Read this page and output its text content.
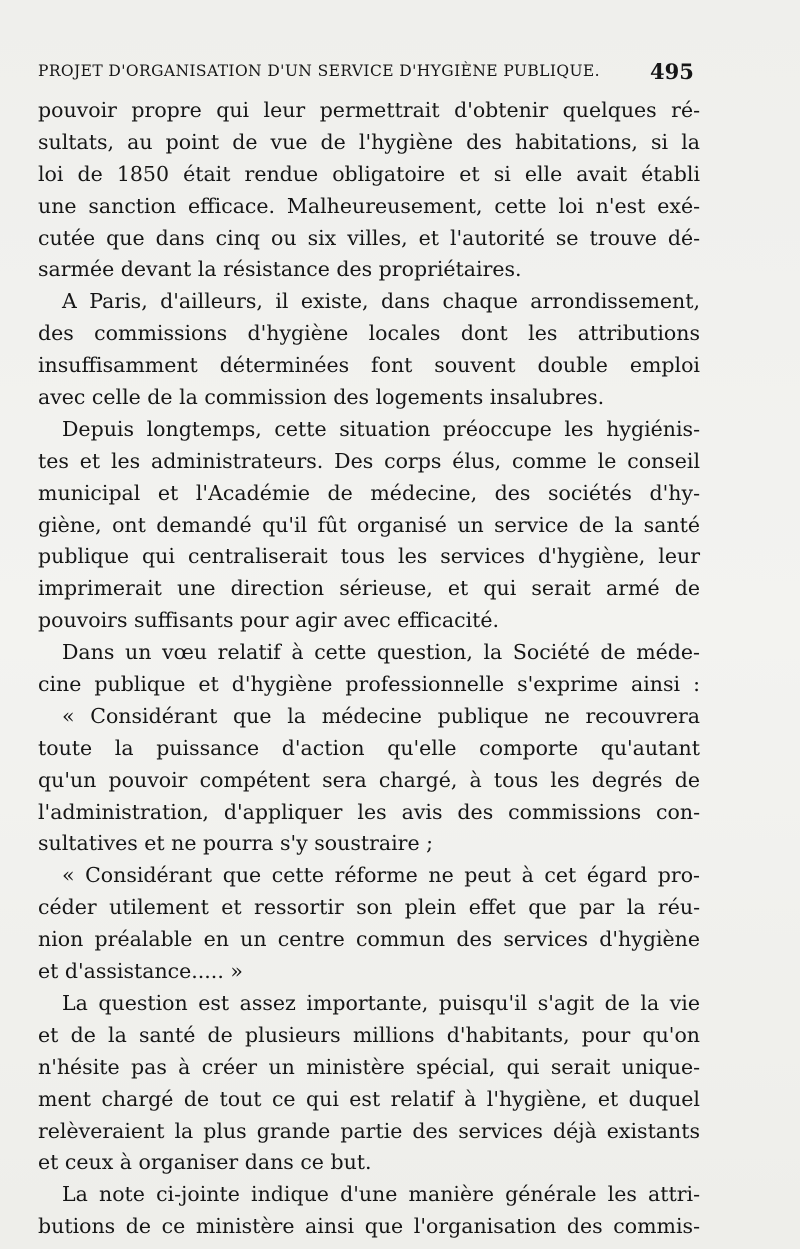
PROJET D'ORGANISATION D'UN SERVICE D'HYGIÈNE PUBLIQUE.	495
pouvoir propre qui leur permettrait d'obtenir quelques ré-
sultats, au point de vue de l'hygiène des habitations, si la
loi de 1850 était rendue obligatoire et si elle avait établi
une sanction efficace. Malheureusement, cette loi n'est exé-
cutée que dans cinq ou six villes, et l'autorité se trouve dé-
sarmée devant la résistance des propriétaires.
A Paris, d'ailleurs, il existe, dans chaque arrondissement,
des commissions d'hygiène locales dont les attributions
insuffisamment déterminées font souvent double emploi
avec celle de la commission des logements insalubres.
Depuis longtemps, cette situation préoccupe les hygiénis-
tes et les administrateurs. Des corps élus, comme le conseil
municipal et l'Académie de médecine, des sociétés d'hy-
giène, ont demandé qu'il fût organisé un service de la santé
publique qui centraliserait tous les services d'hygiène, leur
imprimerait une direction sérieuse, et qui serait armé de
pouvoirs suffisants pour agir avec efficacité.
Dans un vœu relatif à cette question, la Société de méde-
cine publique et d'hygiène professionnelle s'exprime ainsi :
« Considérant que la médecine publique ne recouvrera
toute la puissance d'action qu'elle comporte qu'autant
qu'un pouvoir compétent sera chargé, à tous les degrés de
l'administration, d'appliquer les avis des commissions con-
sultatives et ne pourra s'y soustraire ;
« Considérant que cette réforme ne peut à cet égard pro-
céder utilement et ressortir son plein effet que par la réu-
nion préalable en un centre commun des services d'hygiène
et d'assistance..... »
La question est assez importante, puisqu'il s'agit de la vie
et de la santé de plusieurs millions d'habitants, pour qu'on
n'hésite pas à créer un ministère spécial, qui serait unique-
ment chargé de tout ce qui est relatif à l'hygiène, et duquel
relèveraient la plus grande partie des services déjà existants
et ceux à organiser dans ce but.
La note ci-jointe indique d'une manière générale les attri-
butions de ce ministère ainsi que l'organisation des commis-
